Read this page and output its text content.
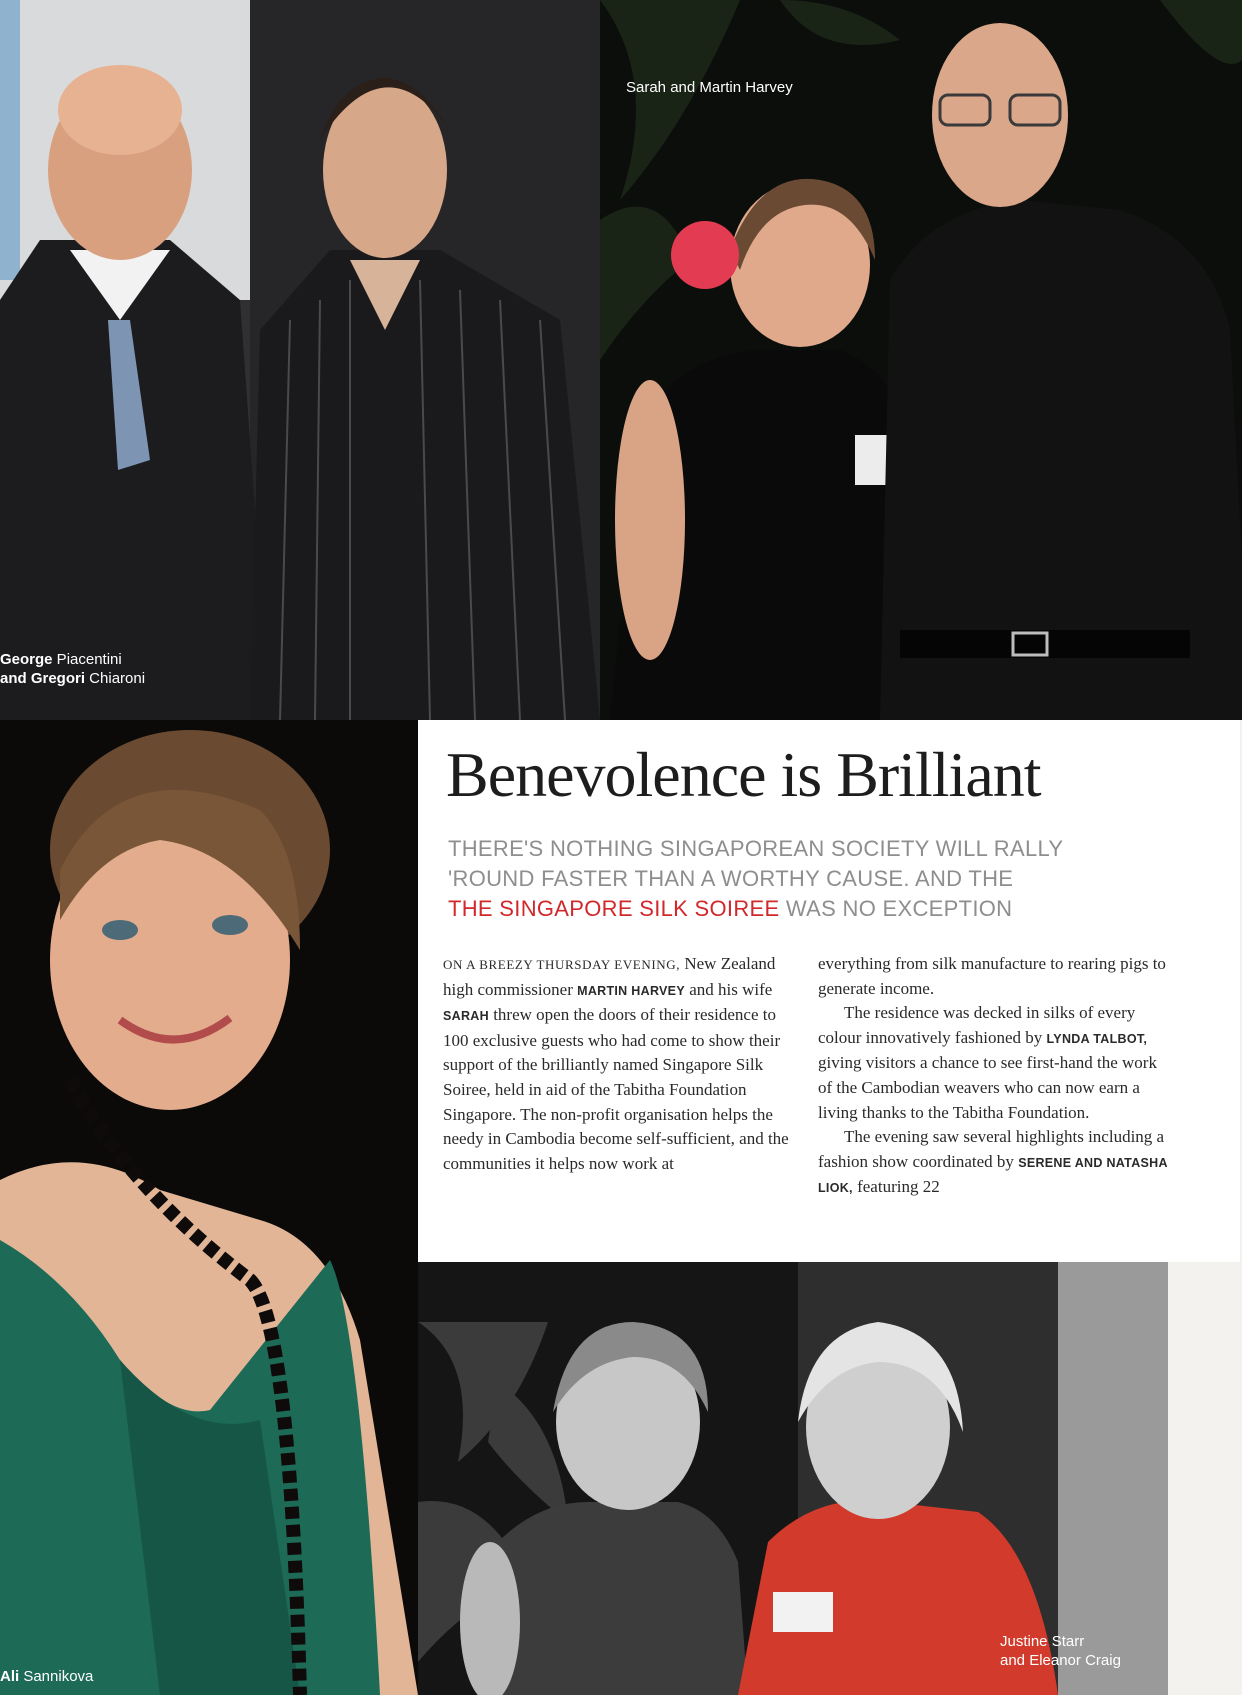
George Piacentini
and Gregori Chiaroni
Sarah and Martin Harvey
Ali Sannikova
Benevolence is Brilliant
THERE'S NOTHING SINGAPOREAN SOCIETY WILL RALLY
'ROUND FASTER THAN A WORTHY CAUSE. AND THE
THE SINGAPORE SILK SOIREE WAS NO EXCEPTION
ON A BREEZY THURSDAY EVENING, New Zealand high commissioner MARTIN HARVEY and his wife SARAH threw open the doors of their residence to 100 exclusive guests who had come to show their support of the brilliantly named Singapore Silk Soiree, held in aid of the Tabitha Foundation Singapore. The non-profit organisation helps the needy in Cambodia become self-sufficient, and the communities it helps now work at
everything from silk manufacture to rearing pigs to generate income.
The residence was decked in silks of every colour innovatively fashioned by LYNDA TALBOT, giving visitors a chance to see first-hand the work of the Cambodian weavers who can now earn a living thanks to the Tabitha Foundation.
The evening saw several highlights including a fashion show coordinated by SERENE AND NATASHA LIOK, featuring 22
Justine Starr
and Eleanor Craig
